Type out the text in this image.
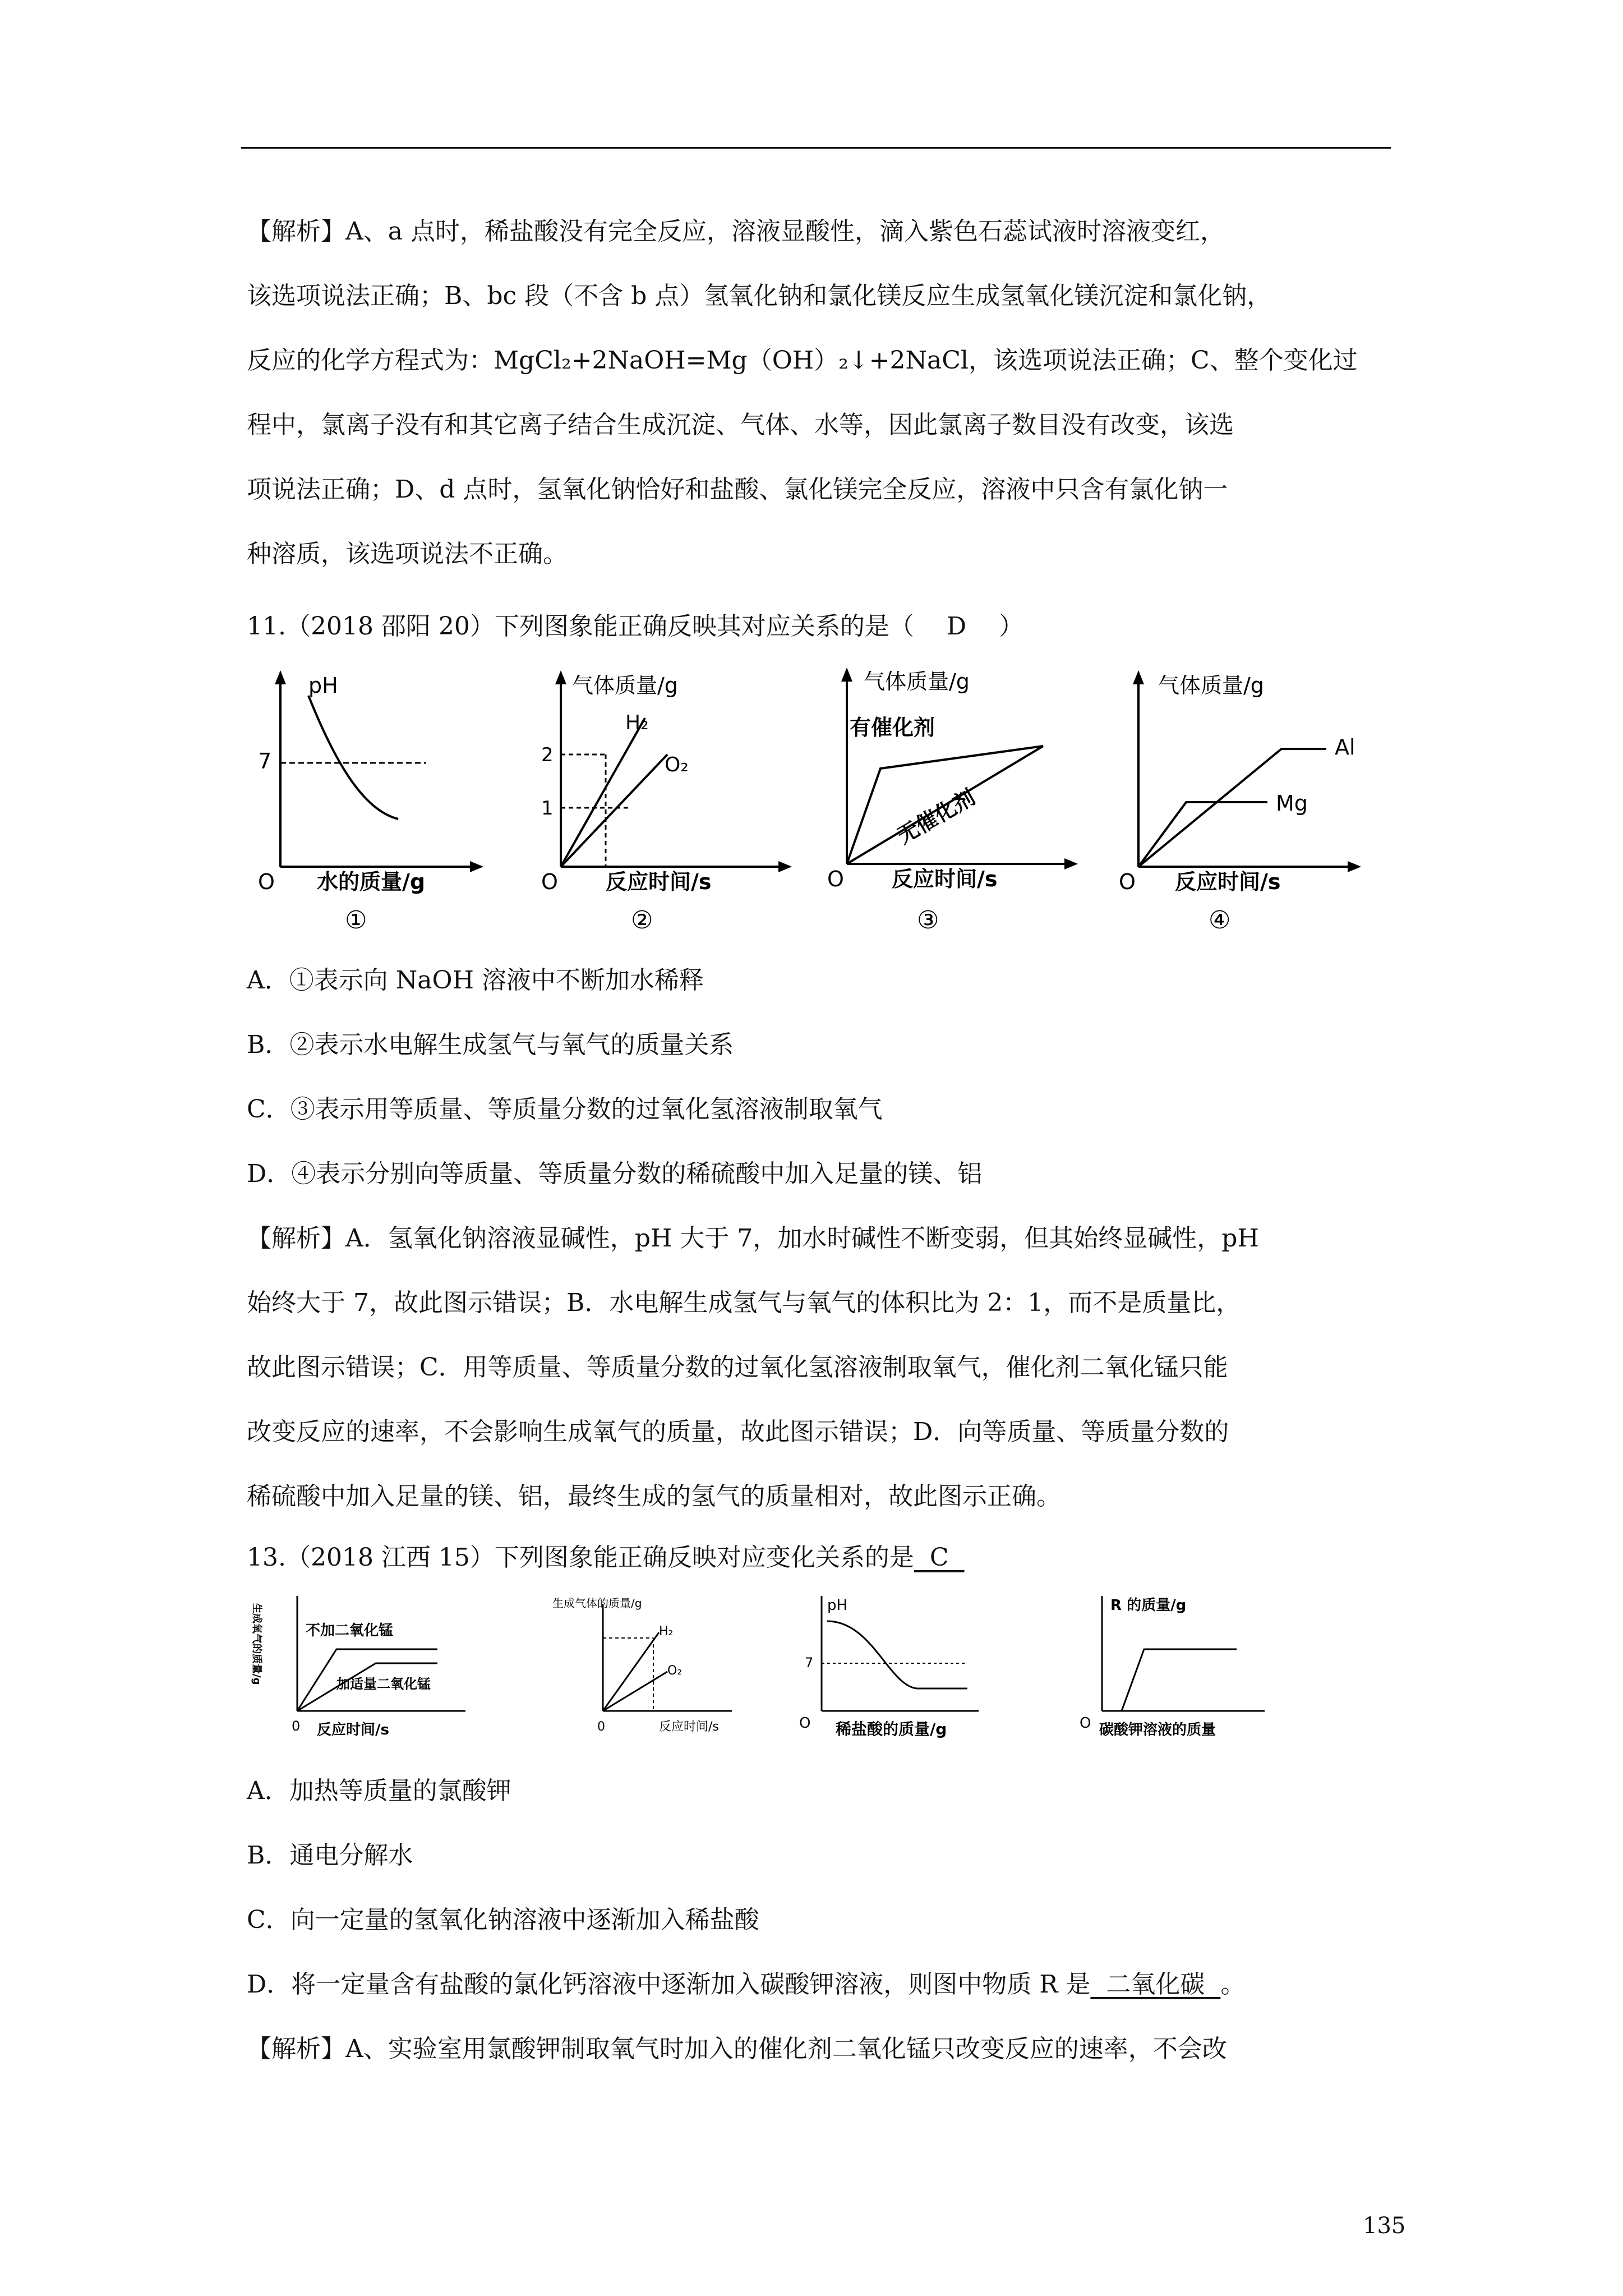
【解析】A、a 点时，稀盐酸没有完全反应，溶液显酸性，滴入紫色石蕊试液时溶液变红，

该选项说法正确；B、bc 段（不含 b 点）氢氧化钠和氯化镁反应生成氢氧化镁沉淀和氯化钠，

反应的化学方程式为：MgCl₂+2NaOH=Mg（OH）₂↓+2NaCl，该选项说法正确；C、整个变化过

程中，氯离子没有和其它离子结合生成沉淀、气体、水等，因此氯离子数目没有改变，该选

项说法正确；D、d 点时，氢氧化钠恰好和盐酸、氯化镁完全反应，溶液中只含有氯化钠一

种溶质，该选项说法不正确。

11.（2018 邵阳 20）下列图象能正确反映其对应关系的是（　 D　 ）
pH
7
O 水的质量/g
①
气体质量/g
2
1
H₂
O₂
O 反应时间/s
②
气体质量/g
有催化剂
无催化剂
O 反应时间/s
③
气体质量/g
Al
Mg
O 反应时间/s
④

A．①表示向 NaOH 溶液中不断加水稀释

B．②表示水电解生成氢气与氧气的质量关系

C．③表示用等质量、等质量分数的过氧化氢溶液制取氧气

D．④表示分别向等质量、等质量分数的稀硫酸中加入足量的镁、铝

【解析】A．氢氧化钠溶液显碱性，pH 大于 7，加水时碱性不断变弱，但其始终显碱性，pH

始终大于 7，故此图示错误；B．水电解生成氢气与氧气的体积比为 2：1，而不是质量比，

故此图示错误；C．用等质量、等质量分数的过氧化氢溶液制取氧气，催化剂二氧化锰只能

改变反应的速率，不会影响生成氧气的质量，故此图示错误；D．向等质量、等质量分数的

稀硫酸中加入足量的镁、铝，最终生成的氢气的质量相对，故此图示正确。

13.（2018 江西 15）下列图象能正确反映对应变化关系的是  C
生成氧气的质量/g	不加二氧化锰
加适量二氧化锰
0 反应时间/s
生成气体的质量/g
H₂
O₂
0	反应时间/s
pH
7
O 稀盐酸的质量/g
R 的质量/g
O 碳酸钾溶液的质量

A．加热等质量的氯酸钾

B．通电分解水

C．向一定量的氢氧化钠溶液中逐渐加入稀盐酸

D．将一定量含有盐酸的氯化钙溶液中逐渐加入碳酸钾溶液，则图中物质 R 是  二氧化碳  。

【解析】A、实验室用氯酸钾制取氧气时加入的催化剂二氧化锰只改变反应的速率，不会改

135
